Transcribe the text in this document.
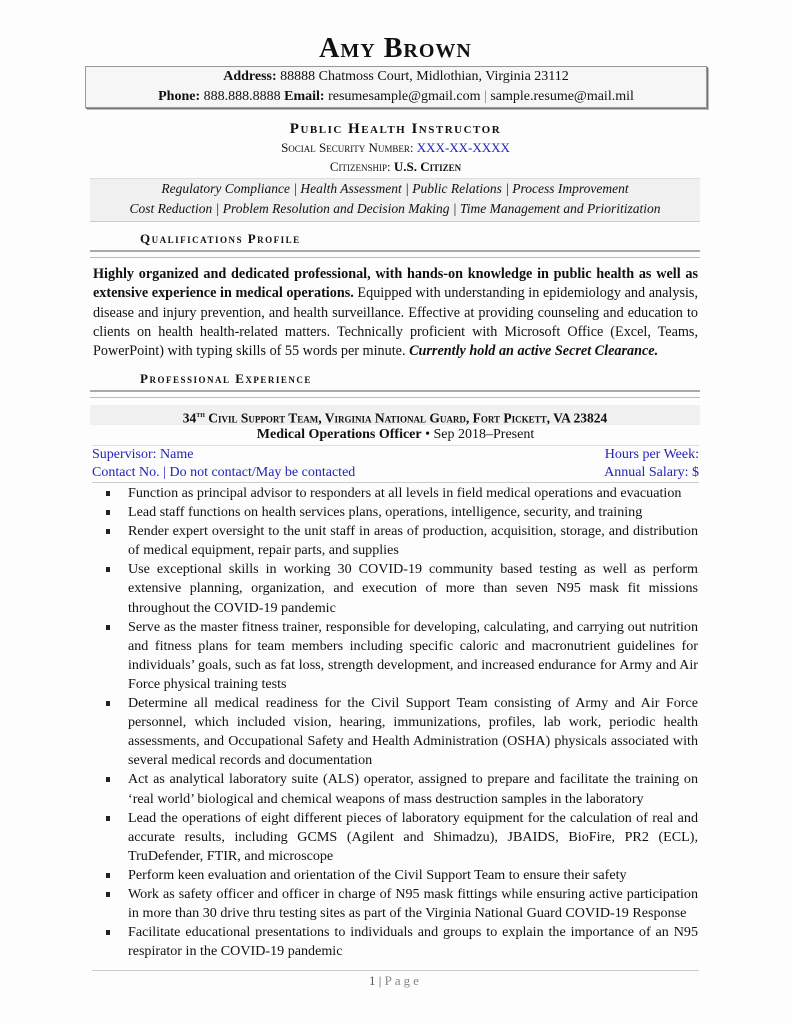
Amy Brown
Address: 88888 Chatmoss Court, Midlothian, Virginia 23112
Phone: 888.888.8888 Email: resumesample@gmail.com | sample.resume@mail.mil
Public Health Instructor
Social Security Number: XXX-XX-XXXX
Citizenship: U.S. Citizen
Regulatory Compliance | Health Assessment | Public Relations | Process Improvement
Cost Reduction | Problem Resolution and Decision Making | Time Management and Prioritization
Qualifications Profile
Highly organized and dedicated professional, with hands-on knowledge in public health as well as extensive experience in medical operations. Equipped with understanding in epidemiology and analysis, disease and injury prevention, and health surveillance. Effective at providing counseling and education to clients on health health-related matters. Technically proficient with Microsoft Office (Excel, Teams, PowerPoint) with typing skills of 55 words per minute. Currently hold an active Secret Clearance.
Professional Experience
34th Civil Support Team, Virginia National Guard, Fort Pickett, VA 23824
Medical Operations Officer • Sep 2018–Present
Supervisor: Name	Hours per Week:
Contact No. | Do not contact/May be contacted	Annual Salary: $
Function as principal advisor to responders at all levels in field medical operations and evacuation
Lead staff functions on health services plans, operations, intelligence, security, and training
Render expert oversight to the unit staff in areas of production, acquisition, storage, and distribution of medical equipment, repair parts, and supplies
Use exceptional skills in working 30 COVID-19 community based testing as well as perform extensive planning, organization, and execution of more than seven N95 mask fit missions throughout the COVID-19 pandemic
Serve as the master fitness trainer, responsible for developing, calculating, and carrying out nutrition and fitness plans for team members including specific caloric and macronutrient guidelines for individuals’ goals, such as fat loss, strength development, and increased endurance for Army and Air Force physical training tests
Determine all medical readiness for the Civil Support Team consisting of Army and Air Force personnel, which included vision, hearing, immunizations, profiles, lab work, periodic health assessments, and Occupational Safety and Health Administration (OSHA) physicals associated with several medical records and documentation
Act as analytical laboratory suite (ALS) operator, assigned to prepare and facilitate the training on ‘real world’ biological and chemical weapons of mass destruction samples in the laboratory
Lead the operations of eight different pieces of laboratory equipment for the calculation of real and accurate results, including GCMS (Agilent and Shimadzu), JBAIDS, BioFire, PR2 (ECL), TruDefender, FTIR, and microscope
Perform keen evaluation and orientation of the Civil Support Team to ensure their safety
Work as safety officer and officer in charge of N95 mask fittings while ensuring active participation in more than 30 drive thru testing sites as part of the Virginia National Guard COVID-19 Response
Facilitate educational presentations to individuals and groups to explain the importance of an N95 respirator in the COVID-19 pandemic
1 | Page
